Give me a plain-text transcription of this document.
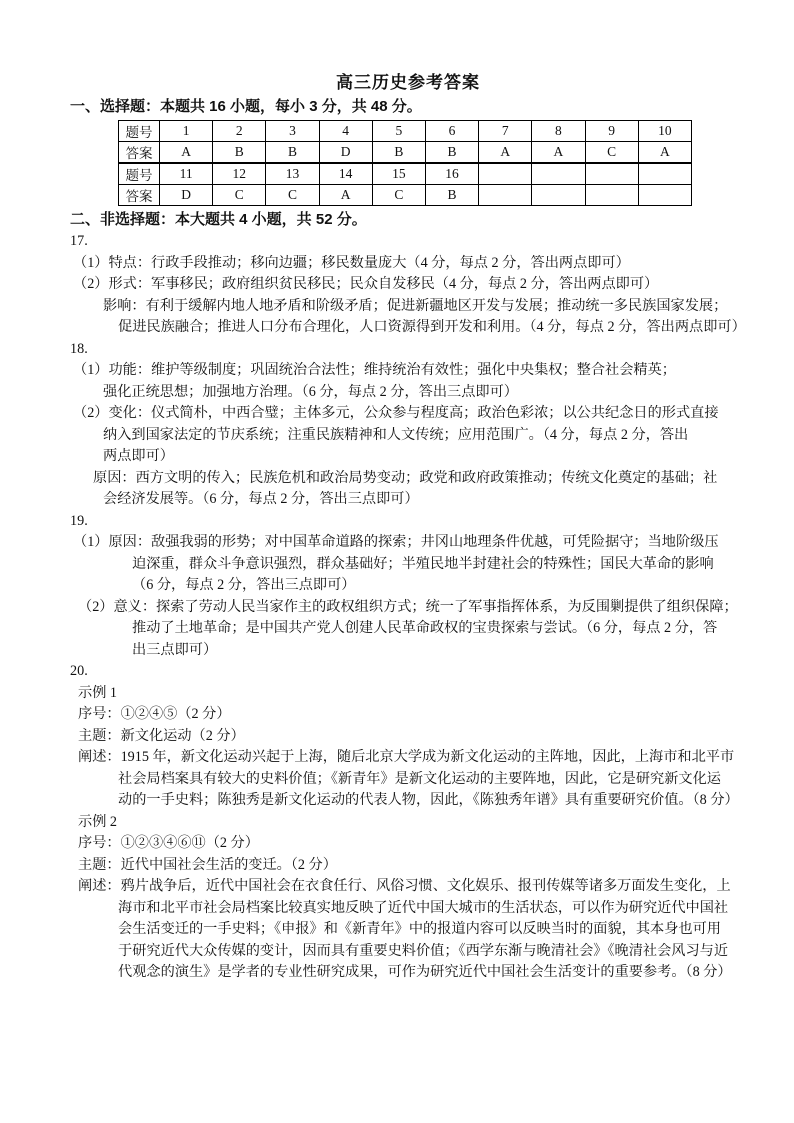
高三历史参考答案
一、选择题：本题共 16 小题，每小 3 分，共 48 分。
题号	1	2	3	4	5	6	7	8	9	10
答案	A	B	B	D	B	B	A	A	C	A
题号	11	12	13	14	15	16				
答案	D	C	C	A	C	B				
二、非选择题：本大题共 4 小题，共 52 分。
17.
（1）特点：行政手段推动；移向边疆；移民数量庞大（4 分，每点 2 分，答出两点即可）
（2）形式：军事移民；政府组织贫民移民；民众自发移民（4 分，每点 2 分，答出两点即可）
影响：有利于缓解内地人地矛盾和阶级矛盾；促进新疆地区开发与发展；推动统一多民族国家发展；
促进民族融合；推进人口分布合理化，人口资源得到开发和利用。（4 分，每点 2 分，答出两点即可）
18.
（1）功能：维护等级制度；巩固统治合法性；维持统治有效性；强化中央集权；整合社会精英；
强化正统思想；加强地方治理。（6 分，每点 2 分，答出三点即可）
（2）变化：仪式简朴，中西合璧；主体多元，公众参与程度高；政治色彩浓；以公共纪念日的形式直接
纳入到国家法定的节庆系统；注重民族精神和人文传统；应用范围广。（4 分，每点 2 分，答出
两点即可）
原因：西方文明的传入；民族危机和政治局势变动；政党和政府政策推动；传统文化奠定的基础；社
会经济发展等。（6 分，每点 2 分，答出三点即可）
19.
（1）原因：敌强我弱的形势；对中国革命道路的探索；井冈山地理条件优越，可凭险据守；当地阶级压
迫深重，群众斗争意识强烈，群众基础好；半殖民地半封建社会的特殊性；国民大革命的影响
（6 分，每点 2 分，答出三点即可）
（2）意义：探索了劳动人民当家作主的政权组织方式；统一了军事指挥体系，为反围剿提供了组织保障；
推动了土地革命；是中国共产党人创建人民革命政权的宝贵探索与尝试。（6 分，每点 2 分，答
出三点即可）
20.
示例 1
序号：①②④⑤（2 分）
主题：新文化运动（2 分）
阐述：1915 年，新文化运动兴起于上海，随后北京大学成为新文化运动的主阵地，因此，上海市和北平市
社会局档案具有较大的史料价值；《新青年》是新文化运动的主要阵地，因此，它是研究新文化运
动的一手史料；陈独秀是新文化运动的代表人物，因此，《陈独秀年谱》具有重要研究价值。（8 分）
示例 2
序号：①②③④⑥⑪（2 分）
主题：近代中国社会生活的变迁。（2 分）
阐述：鸦片战争后，近代中国社会在衣食任行、风俗习惯、文化娱乐、报刊传媒等诸多万面发生变化，上
海市和北平市社会局档案比较真实地反映了近代中国大城市的生活状态，可以作为研究近代中国社
会生活变迁的一手史料；《申报》和《新青年》中的报道内容可以反映当时的面貌，其本身也可用
于研究近代大众传媒的变计，因而具有重要史料价值；《西学东渐与晚清社会》《晚清社会风习与近
代观念的演生》是学者的专业性研究成果，可作为研究近代中国社会生活变计的重要参考。（8 分）
